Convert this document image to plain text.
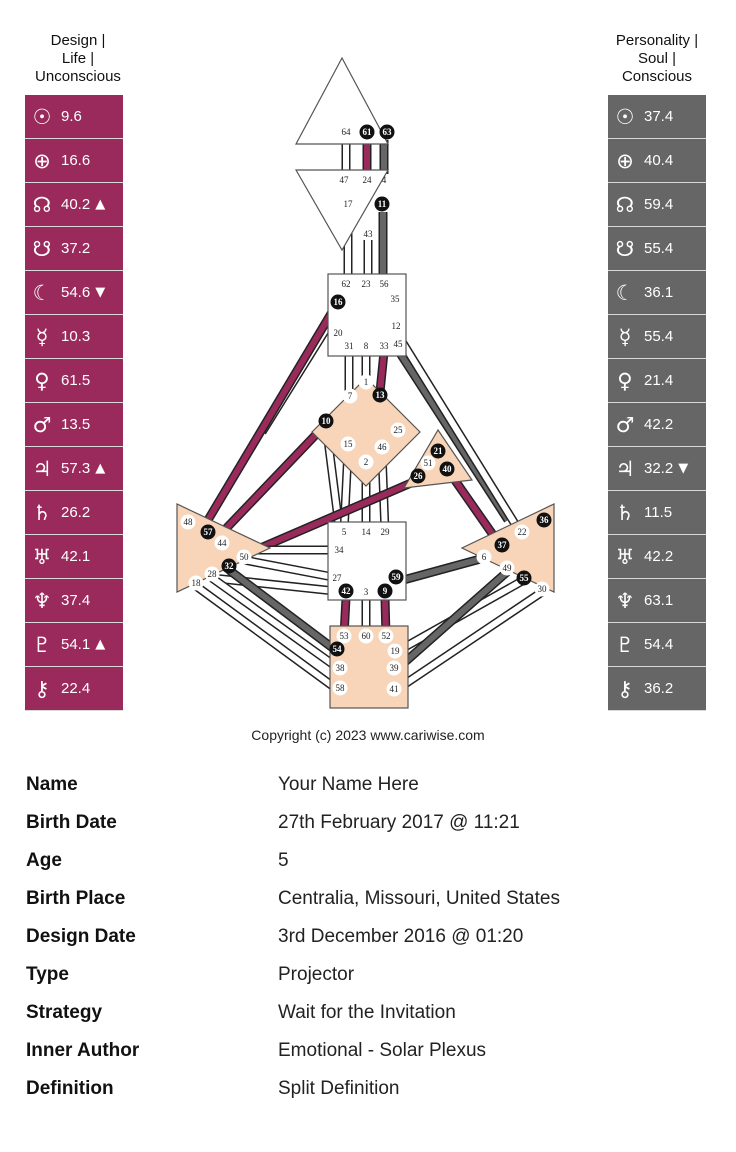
Design |
Life |
Unconscious
Personality |
Soul |
Conscious
☉ 9.6
⊕ 16.6
☊ 40.2 ▲
☋ 37.2
☾ 54.6 ▼
☿ 10.3
♀ 61.5
♂ 13.5
♃ 57.3 ▲
♄ 26.2
♅ 42.1
♆ 37.4
♇ 54.1 ▲
⚷ 22.4
☉ 37.4
⊕ 40.4
☊ 59.4
☋ 55.4
☾ 36.1
☿ 55.4
♀ 21.4
♂ 42.2
♃ 32.2 ▼
♄ 11.5
♅ 42.2
♆ 63.1
♇ 54.4
⚷ 36.2
64 61 63
47 24 4
17	11
43
62 23 56
16	35
20
12
31 8 33 45
1
7	13
10
25
15	46
2
21
51
26
40
48
57
44
50
28
32
18
5 14 29
34
27	59
42 3 9
36
22
37
6
49
55
30
53 60 52
54	19
38	39
58	41
Copyright (c) 2023 www.cariwise.com
Name	Your Name Here
Birth Date	27th February 2017 @ 11:21
Age	5
Birth Place	Centralia, Missouri, United States
Design Date	3rd December 2016 @ 01:20
Type	Projector
Strategy	Wait for the Invitation
Inner Author	Emotional - Solar Plexus
Definition	Split Definition
